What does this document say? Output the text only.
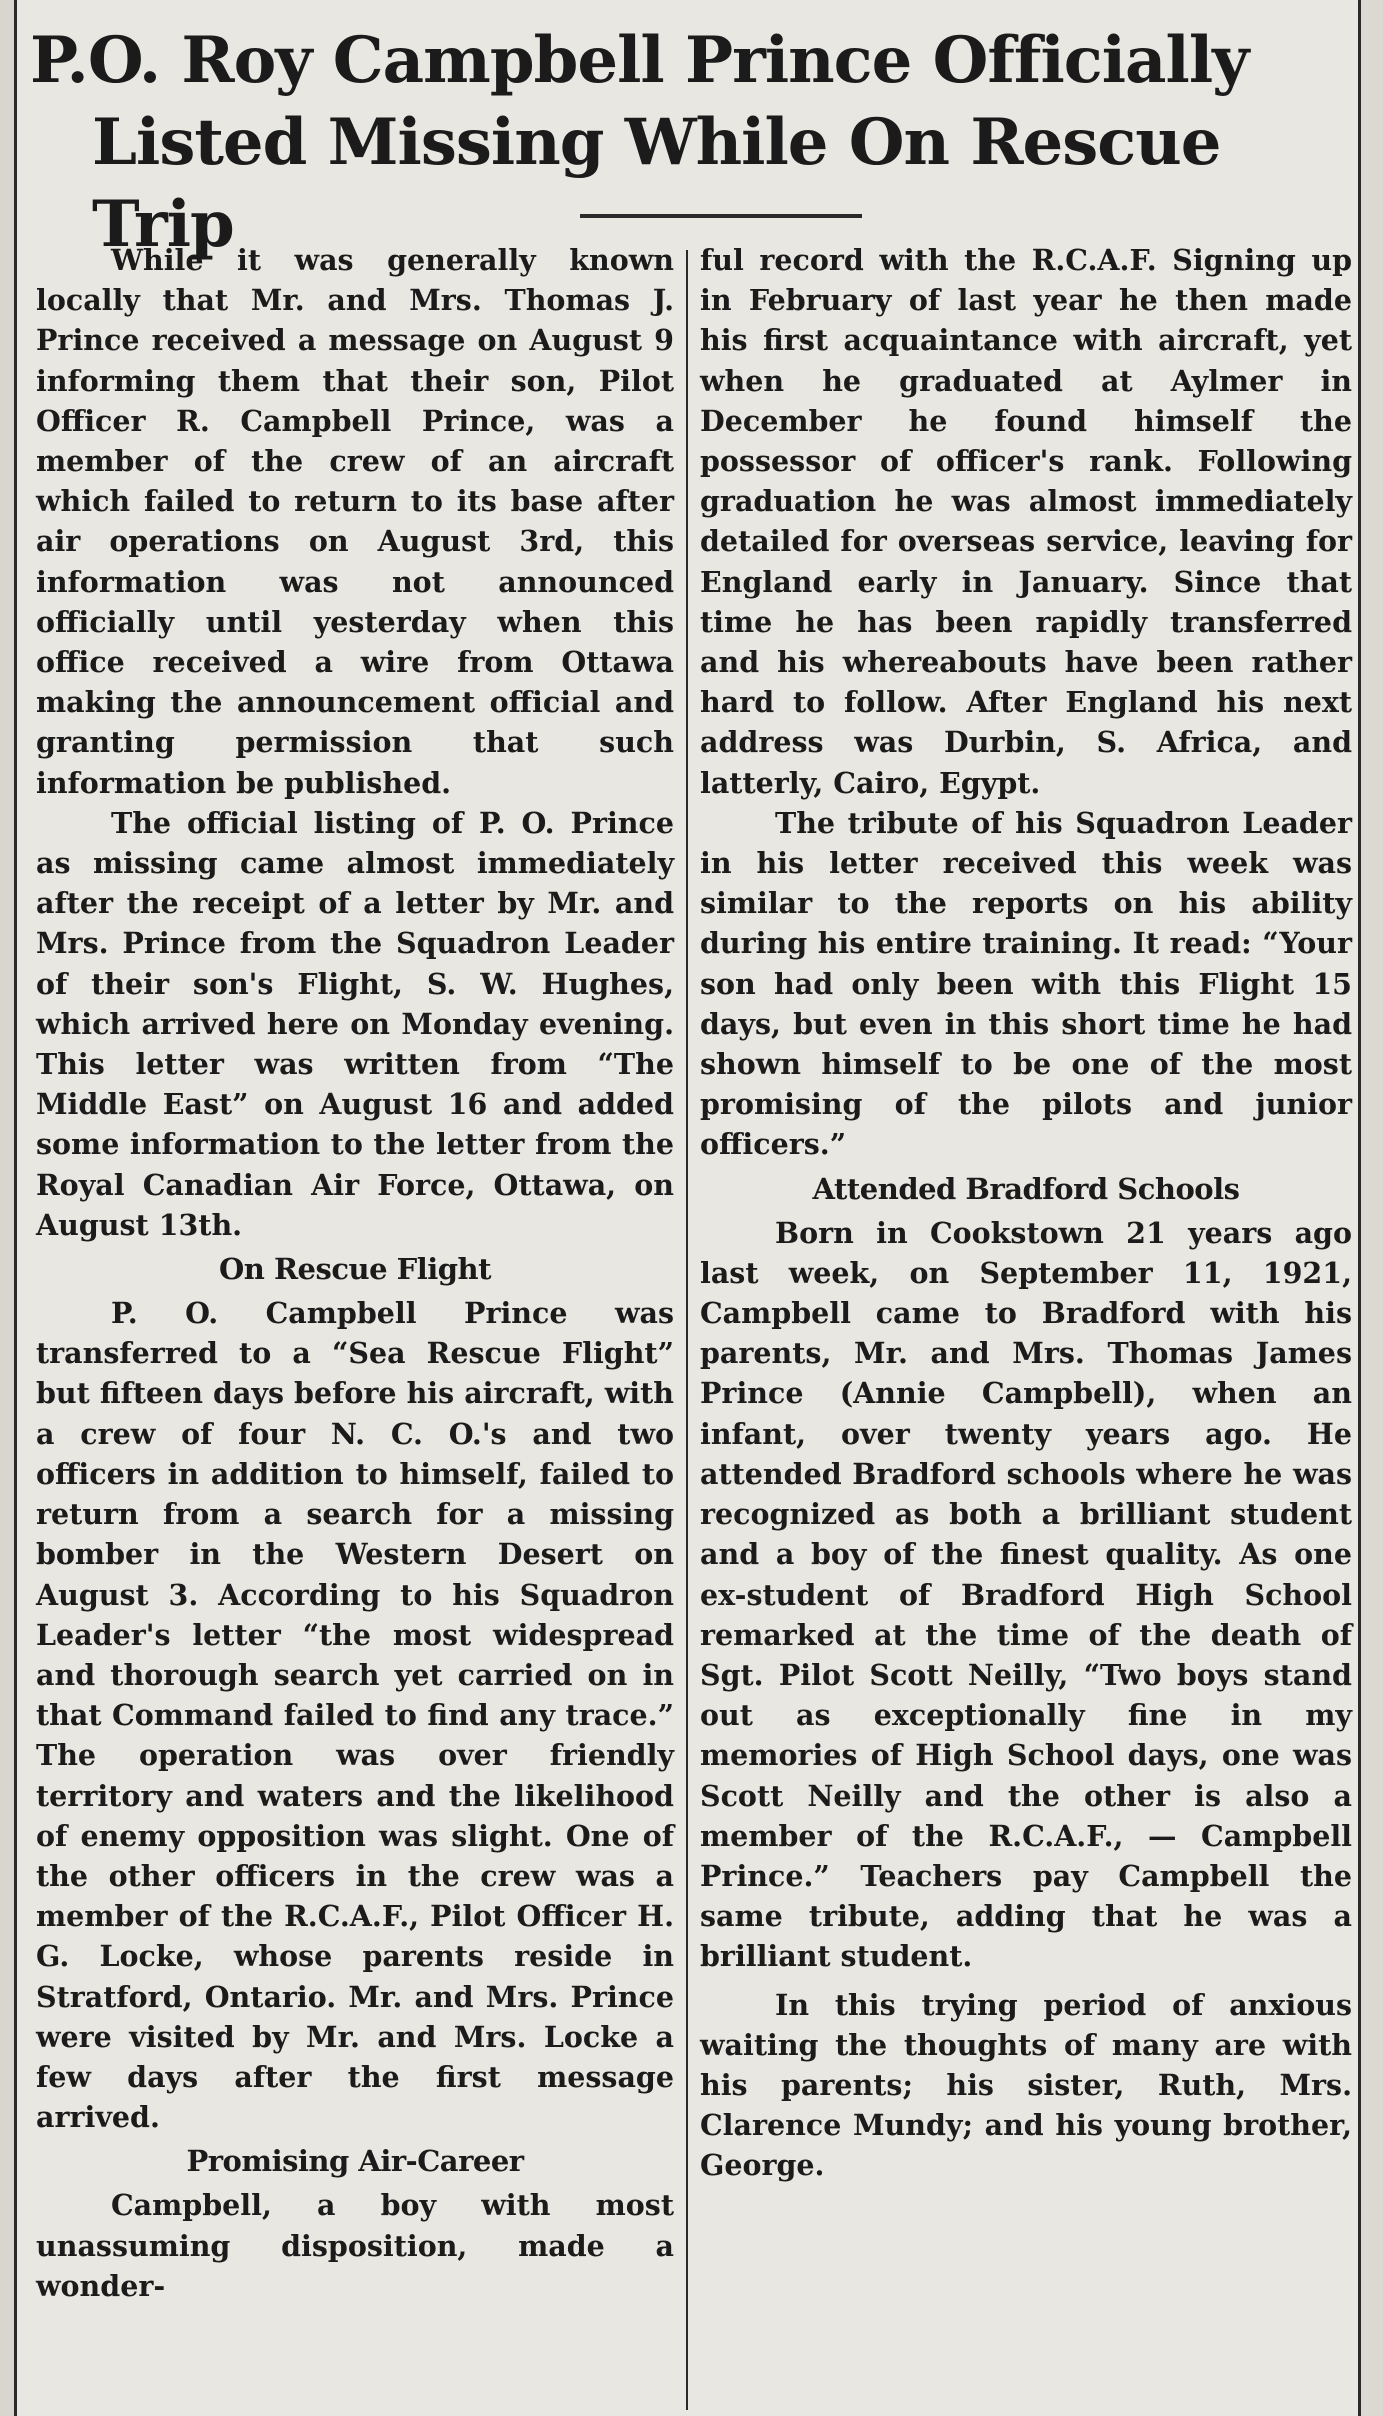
P.O. Roy Campbell Prince Officially
Listed Missing While On Rescue Trip

While it was generally known locally that Mr. and Mrs. Thomas J. Prince received a message on August 9 informing them that their son, Pilot Officer R. Campbell Prince, was a member of the crew of an aircraft which failed to return to its base after air operations on August 3rd, this information was not announced officially until yesterday when this office received a wire from Ottawa making the announcement official and granting permission that such information be published.

The official listing of P. O. Prince as missing came almost immediately after the receipt of a letter by Mr. and Mrs. Prince from the Squadron Leader of their son's Flight, S. W. Hughes, which arrived here on Monday evening. This letter was written from “The Middle East” on August 16 and added some information to the letter from the Royal Canadian Air Force, Ottawa, on August 13th.

On Rescue Flight

P. O. Campbell Prince was transferred to a “Sea Rescue Flight” but fifteen days before his aircraft, with a crew of four N. C. O.'s and two officers in addition to himself, failed to return from a search for a missing bomber in the Western Desert on August 3. According to his Squadron Leader's letter “the most widespread and thorough search yet carried on in that Command failed to find any trace.” The operation was over friendly territory and waters and the likelihood of enemy opposition was slight. One of the other officers in the crew was a member of the R.C.A.F., Pilot Officer H. G. Locke, whose parents reside in Stratford, Ontario. Mr. and Mrs. Prince were visited by Mr. and Mrs. Locke a few days after the first message arrived.

Promising Air-Career

Campbell, a boy with most unassuming disposition, made a wonder-

ful record with the R.C.A.F. Signing up in February of last year he then made his first acquaintance with aircraft, yet when he graduated at Aylmer in December he found himself the possessor of officer's rank. Following graduation he was almost immediately detailed for overseas service, leaving for England early in January. Since that time he has been rapidly transferred and his whereabouts have been rather hard to follow. After England his next address was Durbin, S. Africa, and latterly, Cairo, Egypt.

The tribute of his Squadron Leader in his letter received this week was similar to the reports on his ability during his entire training. It read: “Your son had only been with this Flight 15 days, but even in this short time he had shown himself to be one of the most promising of the pilots and junior officers.”

Attended Bradford Schools

Born in Cookstown 21 years ago last week, on September 11, 1921, Campbell came to Bradford with his parents, Mr. and Mrs. Thomas James Prince (Annie Campbell), when an infant, over twenty years ago. He attended Bradford schools where he was recognized as both a brilliant student and a boy of the finest quality. As one ex-student of Bradford High School remarked at the time of the death of Sgt. Pilot Scott Neilly, “Two boys stand out as exceptionally fine in my memories of High School days, one was Scott Neilly and the other is also a member of the R.C.A.F., — Campbell Prince.” Teachers pay Campbell the same tribute, adding that he was a brilliant student.

In this trying period of anxious waiting the thoughts of many are with his parents; his sister, Ruth, Mrs. Clarence Mundy; and his young brother, George.
